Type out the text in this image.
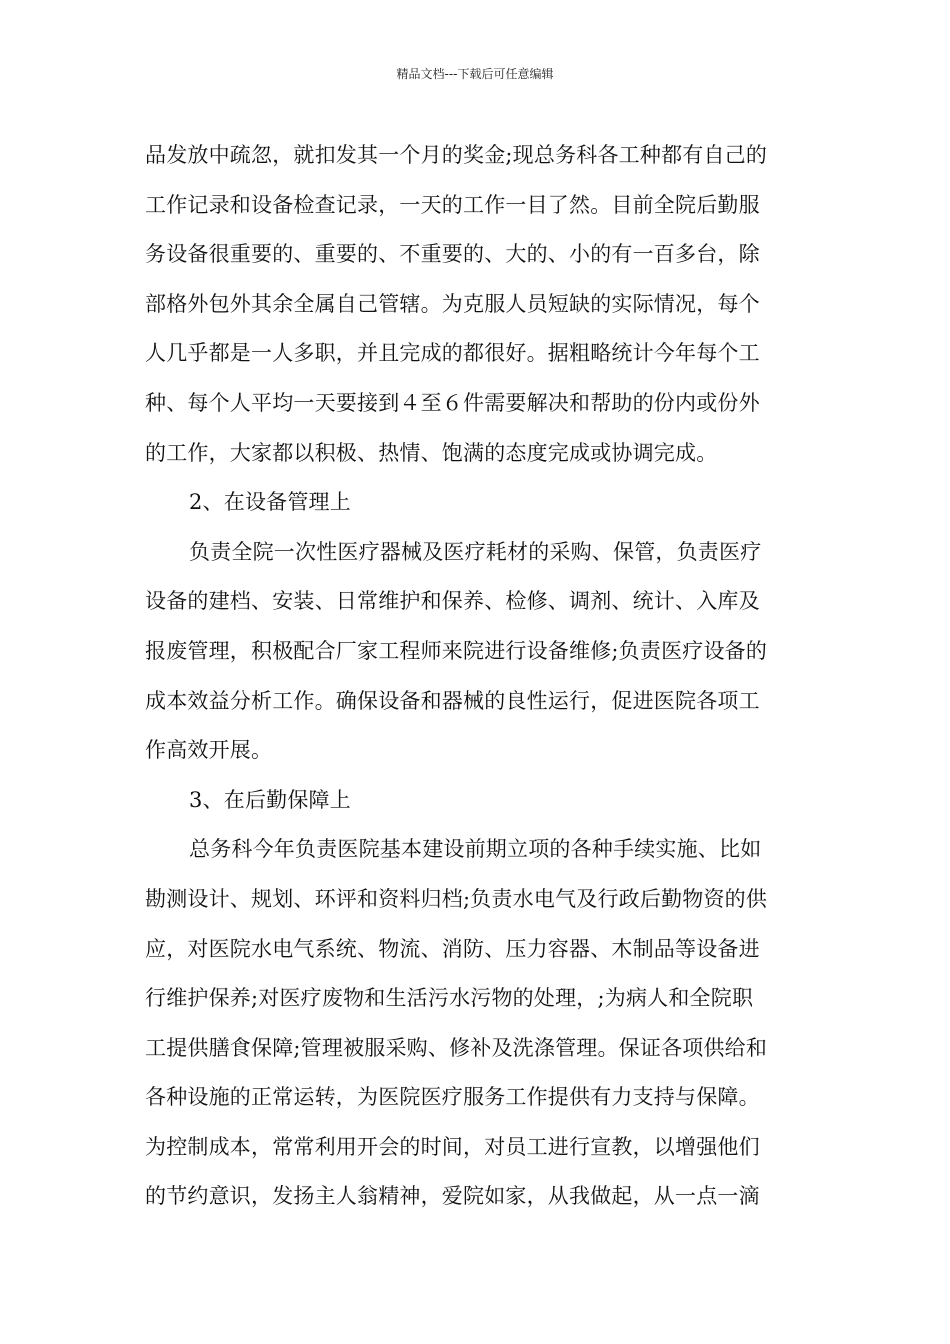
精品文档---下载后可任意编辑
品发放中疏忽，就扣发其一个月的奖金;现总务科各工种都有自己的
工作记录和设备检查记录，一天的工作一目了然。目前全院后勤服
务设备很重要的、重要的、不重要的、大的、小的有一百多台，除
部格外包外其余全属自己管辖。为克服人员短缺的实际情况，每个
人几乎都是一人多职，并且完成的都很好。据粗略统计今年每个工
种、每个人平均一天要接到４至６件需要解决和帮助的份内或份外
的工作，大家都以积极、热情、饱满的态度完成或协调完成。
2、在设备管理上
负责全院一次性医疗器械及医疗耗材的采购、保管，负责医疗
设备的建档、安装、日常维护和保养、检修、调剂、统计、入库及
报废管理，积极配合厂家工程师来院进行设备维修;负责医疗设备的
成本效益分析工作。确保设备和器械的良性运行，促进医院各项工
作高效开展。
3、在后勤保障上
总务科今年负责医院基本建设前期立项的各种手续实施、比如
勘测设计、规划、环评和资料归档;负责水电气及行政后勤物资的供
应，对医院水电气系统、物流、消防、压力容器、木制品等设备进
行维护保养;对医疗废物和生活污水污物的处理，;为病人和全院职
工提供膳食保障;管理被服采购、修补及洗涤管理。保证各项供给和
各种设施的正常运转，为医院医疗服务工作提供有力支持与保障。
为控制成本，常常利用开会的时间，对员工进行宣教，以增强他们
的节约意识，发扬主人翁精神，爱院如家，从我做起，从一点一滴
